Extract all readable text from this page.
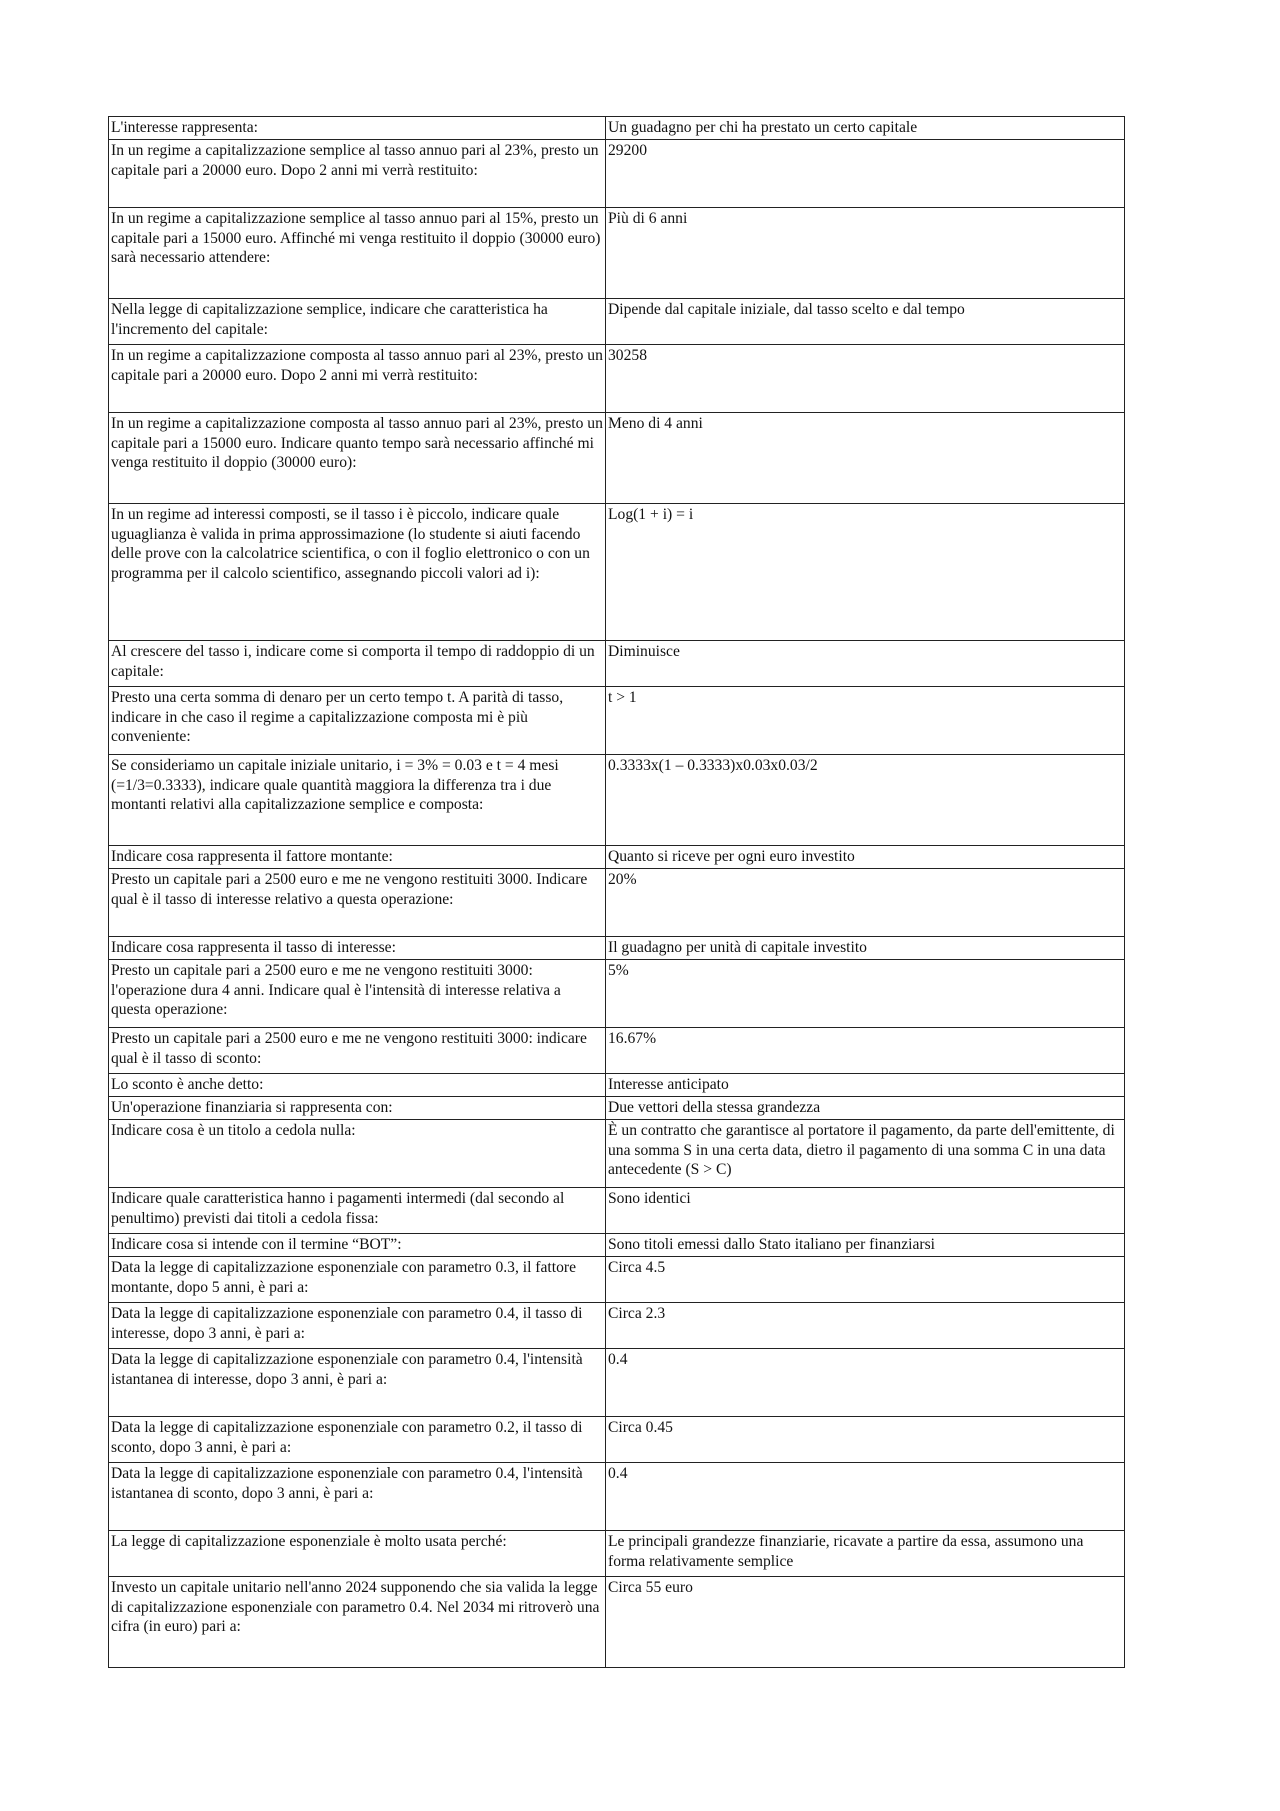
L'interesse rappresenta:	Un guadagno per chi ha prestato un certo capitale
In un regime a capitalizzazione semplice al tasso annuo pari al 23%, presto un capitale pari a 20000 euro. Dopo 2 anni mi verrà restituito:	29200
In un regime a capitalizzazione semplice al tasso annuo pari al 15%, presto un capitale pari a 15000 euro. Affinché mi venga restituito il doppio (30000 euro) sarà necessario attendere:	Più di 6 anni
Nella legge di capitalizzazione semplice, indicare che caratteristica ha l'incremento del capitale:	Dipende dal capitale iniziale, dal tasso scelto e dal tempo
In un regime a capitalizzazione composta al tasso annuo pari al 23%, presto un capitale pari a 20000 euro. Dopo 2 anni mi verrà restituito:	30258
In un regime a capitalizzazione composta al tasso annuo pari al 23%, presto un capitale pari a 15000 euro. Indicare quanto tempo sarà necessario affinché mi venga restituito il doppio (30000 euro):	Meno di 4 anni
In un regime ad interessi composti, se il tasso i è piccolo, indicare quale uguaglianza è valida in prima approssimazione (lo studente si aiuti facendo delle prove con la calcolatrice scientifica, o con il foglio elettronico o con un programma per il calcolo scientifico, assegnando piccoli valori ad i):	Log(1 + i) = i
Al crescere del tasso i, indicare come si comporta il tempo di raddoppio di un capitale:	Diminuisce
Presto una certa somma di denaro per un certo tempo t. A parità di tasso, indicare in che caso il regime a capitalizzazione composta mi è più conveniente:	t > 1
Se consideriamo un capitale iniziale unitario, i = 3% = 0.03 e t = 4 mesi (=1/3=0.3333), indicare quale quantità maggiora la differenza tra i due montanti relativi alla capitalizzazione semplice e composta:	0.3333x(1 – 0.3333)x0.03x0.03/2
Indicare cosa rappresenta il fattore montante:	Quanto si riceve per ogni euro investito
Presto un capitale pari a 2500 euro e me ne vengono restituiti 3000. Indicare qual è il tasso di interesse relativo a questa operazione:	20%
Indicare cosa rappresenta il tasso di interesse:	Il guadagno per unità di capitale investito
Presto un capitale pari a 2500 euro e me ne vengono restituiti 3000: l'operazione dura 4 anni. Indicare qual è l'intensità di interesse relativa a questa operazione:	5%
Presto un capitale pari a 2500 euro e me ne vengono restituiti 3000: indicare qual è il tasso di sconto:	16.67%
Lo sconto è anche detto:	Interesse anticipato
Un'operazione finanziaria si rappresenta con:	Due vettori della stessa grandezza
Indicare cosa è un titolo a cedola nulla:	È un contratto che garantisce al portatore il pagamento, da parte dell'emittente, di una somma S in una certa data, dietro il pagamento di una somma C in una data antecedente (S > C)
Indicare quale caratteristica hanno i pagamenti intermedi (dal secondo al penultimo) previsti dai titoli a cedola fissa:	Sono identici
Indicare cosa si intende con il termine “BOT”:	Sono titoli emessi dallo Stato italiano per finanziarsi
Data la legge di capitalizzazione esponenziale con parametro 0.3, il fattore montante, dopo 5 anni, è pari a:	Circa 4.5
Data la legge di capitalizzazione esponenziale con parametro 0.4, il tasso di interesse, dopo 3 anni, è pari a:	Circa 2.3
Data la legge di capitalizzazione esponenziale con parametro 0.4, l'intensità istantanea di interesse, dopo 3 anni, è pari a:	0.4
Data la legge di capitalizzazione esponenziale con parametro 0.2, il tasso di sconto, dopo 3 anni, è pari a:	Circa 0.45
Data la legge di capitalizzazione esponenziale con parametro 0.4, l'intensità istantanea di sconto, dopo 3 anni, è pari a:	0.4
La legge di capitalizzazione esponenziale è molto usata perché:	Le principali grandezze finanziarie, ricavate a partire da essa, assumono una forma relativamente semplice
Investo un capitale unitario nell'anno 2024 supponendo che sia valida la legge di capitalizzazione esponenziale con parametro 0.4. Nel 2034 mi ritroverò una cifra (in euro) pari a:	Circa 55 euro
